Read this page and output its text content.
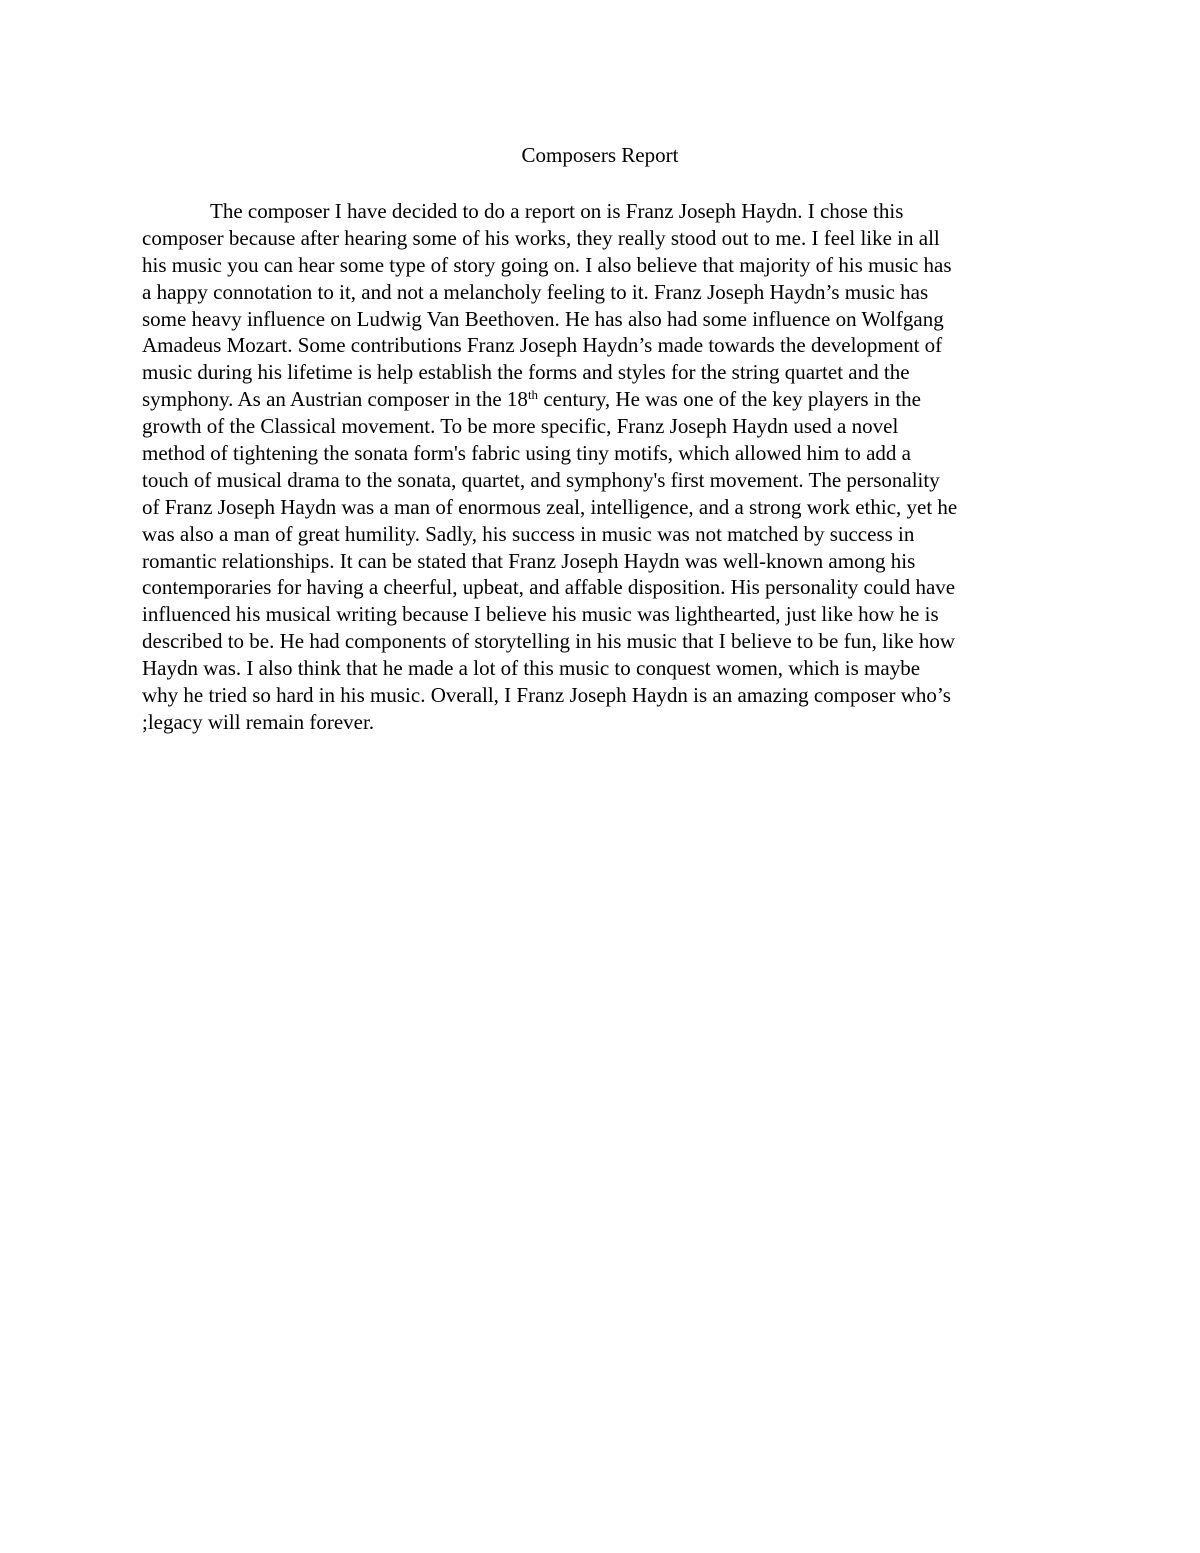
Composers Report
The composer I have decided to do a report on is Franz Joseph Haydn. I chose this
composer because after hearing some of his works, they really stood out to me. I feel like in all
his music you can hear some type of story going on. I also believe that majority of his music has
a happy connotation to it, and not a melancholy feeling to it. Franz Joseph Haydn’s music has
some heavy influence on Ludwig Van Beethoven. He has also had some influence on Wolfgang
Amadeus Mozart. Some contributions Franz Joseph Haydn’s made towards the development of
music during his lifetime is help establish the forms and styles for the string quartet and the
symphony. As an Austrian composer in the 18th century, He was one of the key players in the
growth of the Classical movement. To be more specific, Franz Joseph Haydn used a novel
method of tightening the sonata form's fabric using tiny motifs, which allowed him to add a
touch of musical drama to the sonata, quartet, and symphony's first movement. The personality
of Franz Joseph Haydn was a man of enormous zeal, intelligence, and a strong work ethic, yet he
was also a man of great humility. Sadly, his success in music was not matched by success in
romantic relationships. It can be stated that Franz Joseph Haydn was well-known among his
contemporaries for having a cheerful, upbeat, and affable disposition. His personality could have
influenced his musical writing because I believe his music was lighthearted, just like how he is
described to be. He had components of storytelling in his music that I believe to be fun, like how
Haydn was. I also think that he made a lot of this music to conquest women, which is maybe
why he tried so hard in his music. Overall, I Franz Joseph Haydn is an amazing composer who’s
;legacy will remain forever.
